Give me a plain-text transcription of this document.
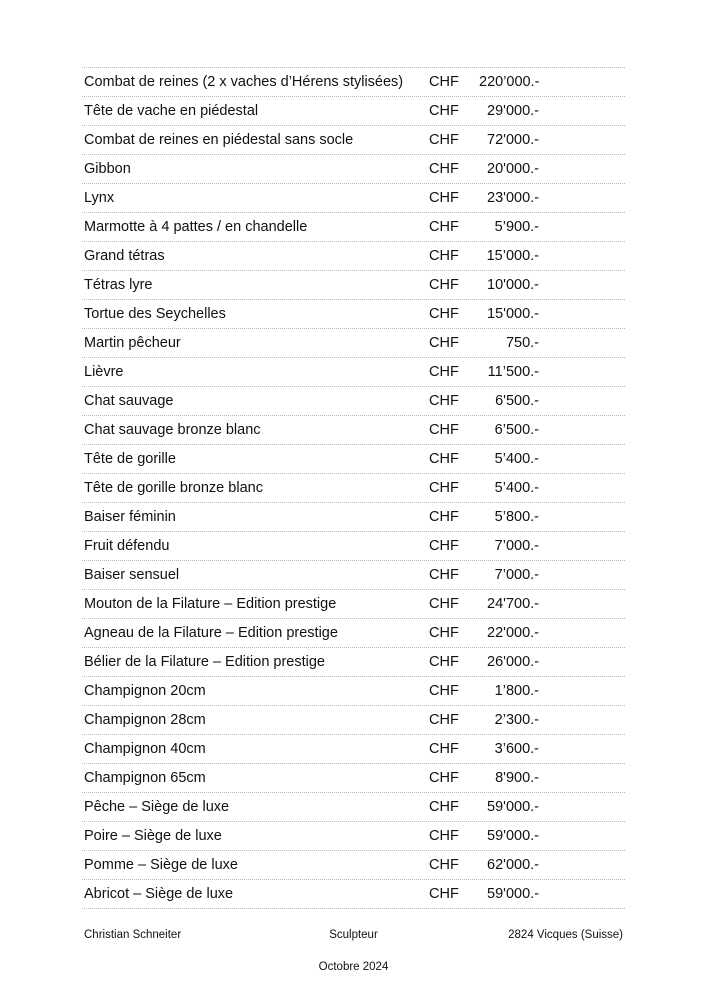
Combat de reines (2 x vaches d’Hérens stylisées)	CHF	220’000.-
Tête de vache en piédestal	CHF	29'000.-
Combat de reines en piédestal sans socle	CHF	72'000.-
Gibbon	CHF	20'000.-
Lynx	CHF	23'000.-
Marmotte à 4 pattes / en chandelle	CHF	5’900.-
Grand tétras	CHF	15’000.-
Tétras lyre	CHF	10'000.-
Tortue des Seychelles	CHF	15'000.-
Martin pêcheur	CHF	750.-
Lièvre	CHF	11’500.-
Chat sauvage	CHF	6'500.-
Chat sauvage bronze blanc	CHF	6’500.-
Tête de gorille	CHF	5’400.-
Tête de gorille bronze blanc	CHF	5’400.-
Baiser féminin	CHF	5’800.-
Fruit défendu	CHF	7’000.-
Baiser sensuel	CHF	7’000.-
Mouton de la Filature – Edition prestige	CHF	24'700.-
Agneau de la Filature – Edition prestige	CHF	22'000.-
Bélier de la Filature – Edition prestige	CHF	26'000.-
Champignon 20cm	CHF	1’800.-
Champignon 28cm	CHF	2’300.-
Champignon 40cm	CHF	3’600.-
Champignon 65cm	CHF	8'900.-
Pêche – Siège de luxe	CHF	59'000.-
Poire – Siège de luxe	CHF	59'000.-
Pomme – Siège de luxe	CHF	62'000.-
Abricot – Siège de luxe	CHF	59'000.-
Christian Schneiter	Sculpteur	2824 Vicques (Suisse)
Octobre 2024
